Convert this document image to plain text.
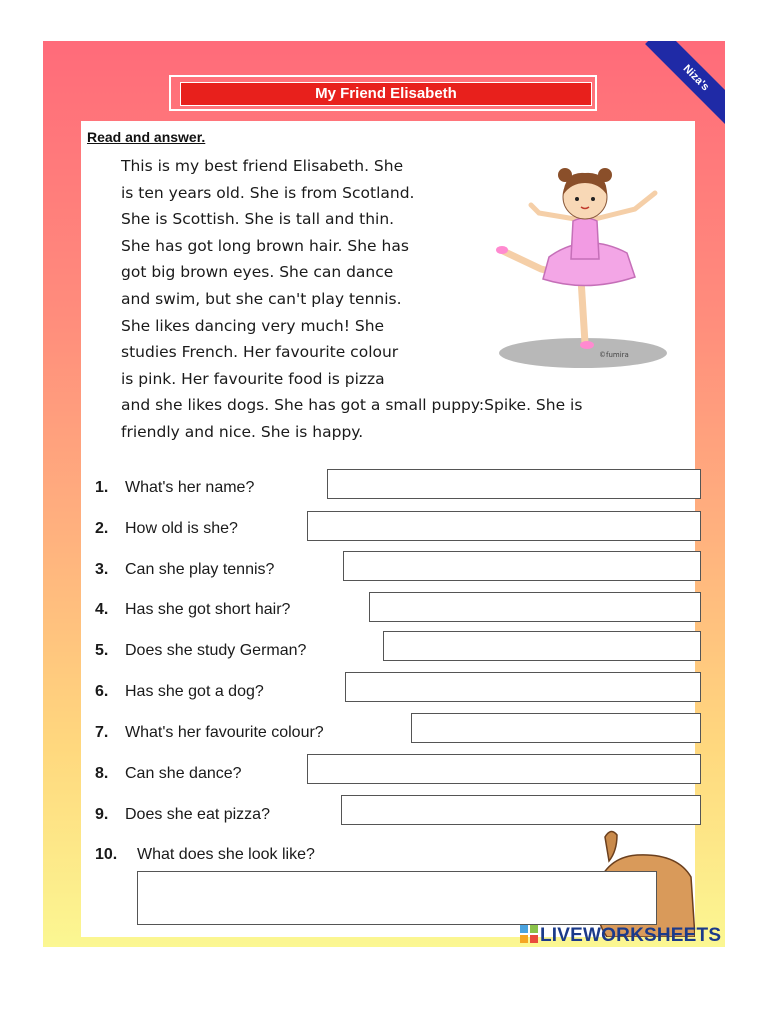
My Friend Elisabeth
Niza's
Read and answer.
This is my best friend Elisabeth. She
is ten years old. She is from Scotland.
She is Scottish. She is tall and thin.
She has got long brown hair. She has
got big brown eyes. She can dance
and swim, but she can't play tennis.
She likes dancing very much! She
studies French. Her favourite colour
is pink. Her favourite food is pizza
and she likes dogs. She has got a small puppy:Spike. She is
friendly and nice. She is happy.
©fumira
1. What's her name?
2. How old is she?
3. Can she play tennis?
4. Has she got short hair?
5. Does she study German?
6. Has she got a dog?
7. What's her favourite colour?
8. Can she dance?
9. Does she eat pizza?
10. What does she look like?
LIVEWORKSHEETS
